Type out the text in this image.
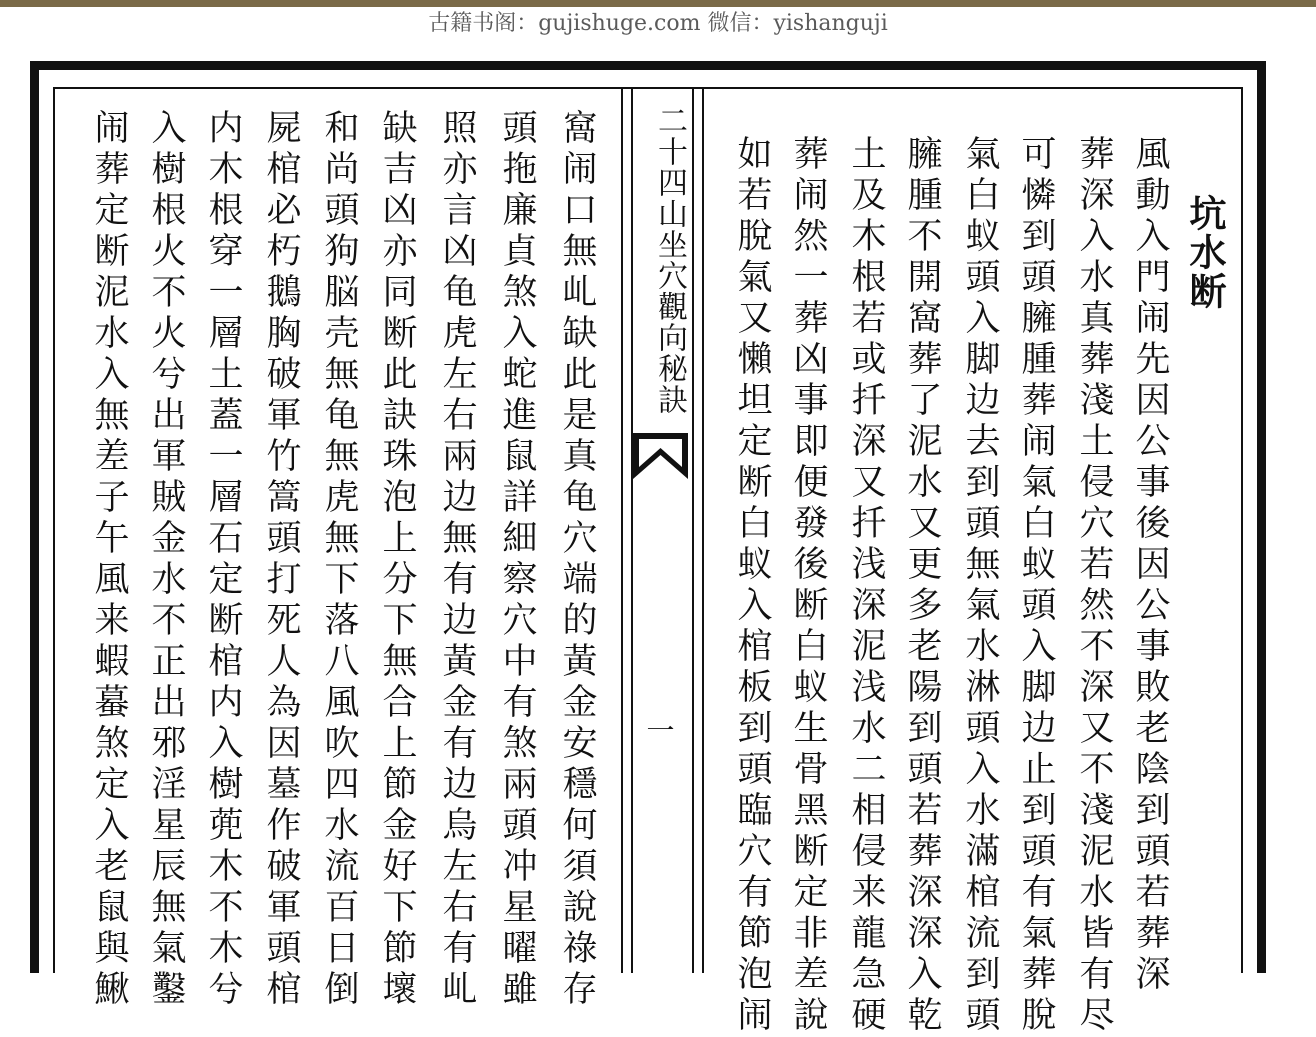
古籍书阁：gujishuge.com 微信：yishanguji
窩闹口無乢缺此是真龟穴端的黃金安穩何須說祿存
頭拖廉貞煞入蛇進鼠詳細察穴中有煞兩頭冲星曜雖
照亦言凶龟虎左右兩边無有边黃金有边烏左右有乢
缺吉凶亦同断此訣珠泡上分下無合上節金好下節壞
和尚頭狗脳壳無龟無虎無下落八風吹四水流百日倒
屍棺必朽鵝胸破軍竹篙頭打死人為因墓作破軍頭棺
内木根穿一層土蓋一層石定断棺内入樹蔸木不木兮
入樹根火不火兮出軍賊金水不正出邪淫星辰無氣鑿
闹葬定断泥水入無差子午風来蝦蟇煞定入老鼠與鰍	二十四山坐穴觀向秘訣
一
坑水断
風動入門闹先因公事後因公事敗老陰到頭若葬深
葬深入水真葬淺土侵穴若然不深又不淺泥水皆有尽
可憐到頭臃腫葬闹氣白蚁頭入脚边止到頭有氣葬脫
氣白蚁頭入脚边去到頭無氣水淋頭入水滿棺流到頭
臃腫不開窩葬了泥水又更多老陽到頭若葬深深入乾
土及木根若或扦深又扦浅深泥浅水二相侵来龍急硬
葬闹然一葬凶事即便發後断白蚁生骨黑断定非差說
如若脫氣又懶坦定断白蚁入棺板到頭臨穴有節泡闹
